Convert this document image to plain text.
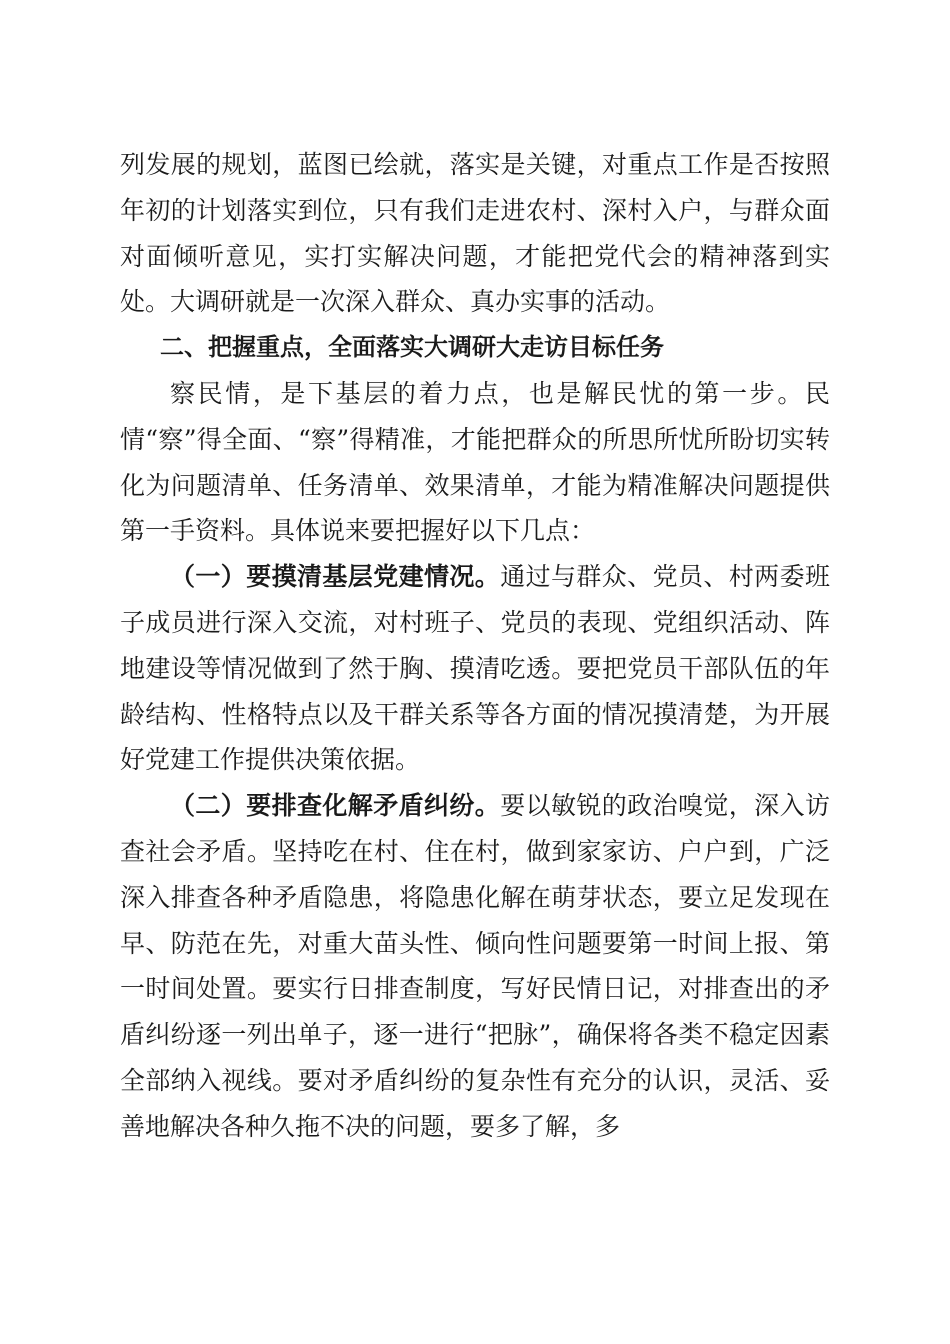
列发展的规划，蓝图已绘就，落实是关键，对重点工作是否按照年初的计划落实到位，只有我们走进农村、深村入户，与群众面对面倾听意见，实打实解决问题，才能把党代会的精神落到实处。大调研就是一次深入群众、真办实事的活动。

二、把握重点，全面落实大调研大走访目标任务

察民情，是下基层的着力点，也是解民忧的第一步。民情“察”得全面、“察”得精准，才能把群众的所思所忧所盼切实转化为问题清单、任务清单、效果清单，才能为精准解决问题提供第一手资料。具体说来要把握好以下几点：

（一）要摸清基层党建情况。通过与群众、党员、村两委班子成员进行深入交流，对村班子、党员的表现、党组织活动、阵地建设等情况做到了然于胸、摸清吃透。要把党员干部队伍的年龄结构、性格特点以及干群关系等各方面的情况摸清楚，为开展好党建工作提供决策依据。

（二）要排查化解矛盾纠纷。要以敏锐的政治嗅觉，深入访查社会矛盾。坚持吃在村、住在村，做到家家访、户户到，广泛深入排查各种矛盾隐患，将隐患化解在萌芽状态，要立足发现在早、防范在先，对重大苗头性、倾向性问题要第一时间上报、第一时间处置。要实行日排查制度，写好民情日记，对排查出的矛盾纠纷逐一列出单子，逐一进行“把脉”，确保将各类不稳定因素全部纳入视线。要对矛盾纠纷的复杂性有充分的认识，灵活、妥善地解决各种久拖不决的问题，要多了解，多
